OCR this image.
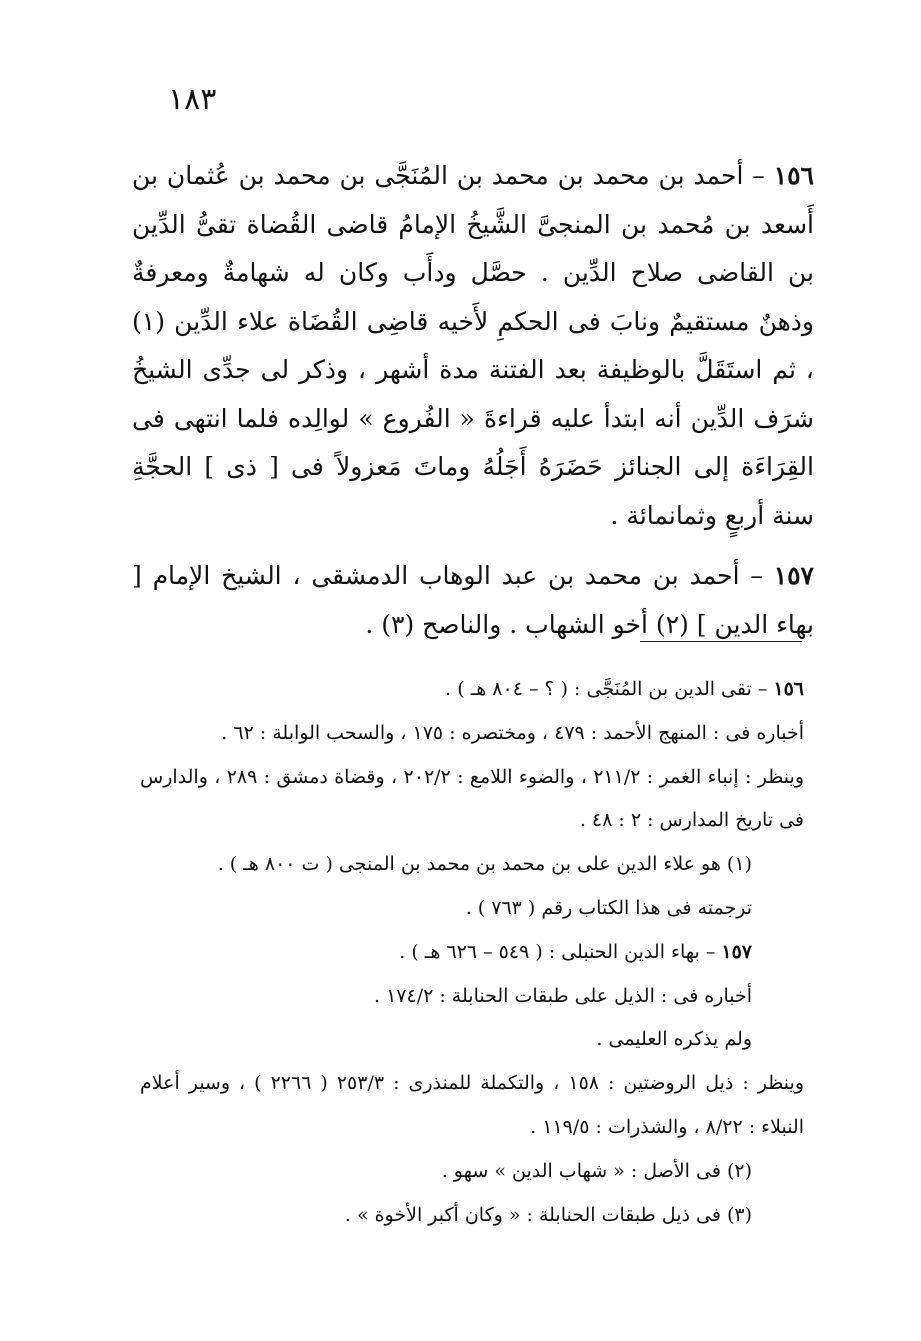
١٨٣

١٥٦ – أحمد بن محمد بن محمد بن المُنَجَّى بن محمد بن عُثمان بن أَسعد بن مُحمد بن المنجىَّ الشَّيخُ الإمامُ قاضى القُضاة تقىُّ الدِّين بن القاضى صلاح الدِّين . حصَّل ودأَب وكان له شهامةٌ ومعرفةٌ وذهنٌ مستقيمٌ ونابَ فى الحكمِ لأَخيه قاضِى القُضَاة علاء الدِّين (١) ، ثم استَقَلَّ بالوظيفة بعد الفتنة مدة أشهر ، وذكر لى جدِّى الشيخُ شرَف الدِّين أنه ابتدأ عليه قراءةَ « الفُروع » لوالِده فلما انتهى فى القِرَاءَة إلى الجنائز حَضَرَهُ أَجَلُهُ وماتَ مَعزولاً فى [ ذى ] الحجَّةِ سنة أربعٍ وثمانمائة .

١٥٧ – أحمد بن محمد بن عبد الوهاب الدمشقى ، الشيخ الإمام [ بهاء الدين ] (٢) أخو الشهاب . والناصح (٣) .

١٥٦ – تقى الدين بن المُنَجَّى : ( ؟ – ٨٠٤ هـ ) .

أخباره فى : المنهج الأحمد : ٤٧٩ ، ومختصره : ١٧٥ ، والسحب الوابلة : ٦٢ .

وينظر : إنباء الغمر : ٢١١/٢ ، والضوء اللامع : ٢٠٢/٢ ، وقضاة دمشق : ٢٨٩ ، والدارس فى تاريخ المدارس : ٢ : ٤٨ .

(١) هو علاء الدين على بن محمد بن محمد بن المنجى ( ت ٨٠٠ هـ ) .

ترجمته فى هذا الكتاب رقم ( ٧٦٣ ) .

١٥٧ – بهاء الدين الحنبلى : ( ٥٤٩ – ٦٢٦ هـ ) .

أخباره فى : الذيل على طبقات الحنابلة : ١٧٤/٢ .

ولم يذكره العليمى .

وينظر : ذيل الروضتين : ١٥٨ ، والتكملة للمنذرى : ٢٥٣/٣ ( ٢٢٦٦ ) ، وسير أعلام النبلاء : ٨/٢٢ ، والشذرات : ١١٩/٥ .

(٢) فى الأصل : « شهاب الدين » سهو .

(٣) فى ذيل طبقات الحنابلة : « وكان أكبر الأخوة » .
